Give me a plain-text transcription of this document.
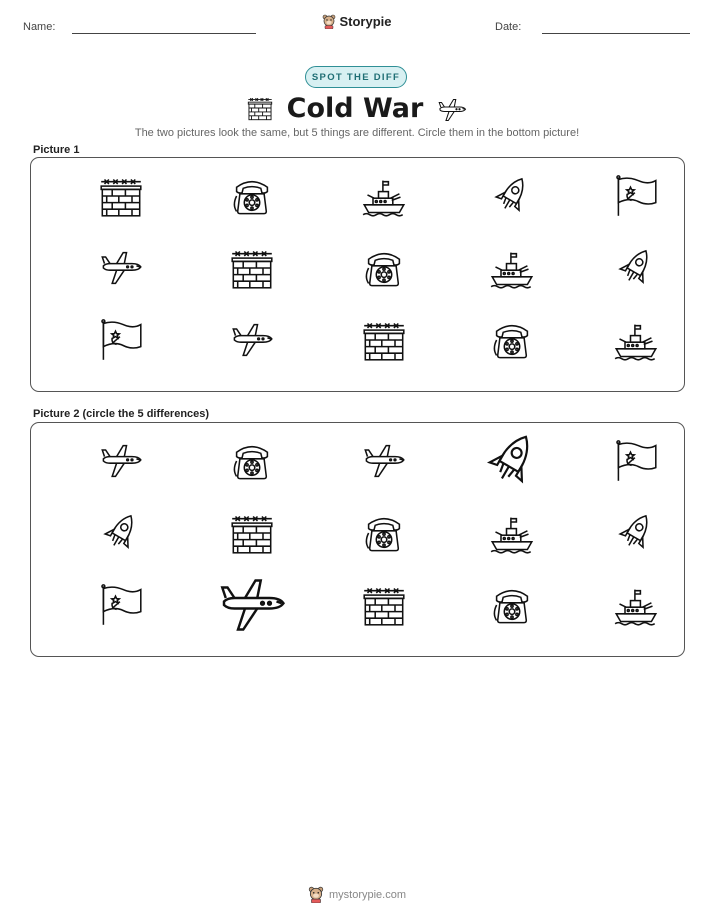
Name:	Storypie	Date:
SPOT THE DIFF
Cold War
The two pictures look the same, but 5 things are different. Circle them in the bottom picture!
Picture 1
Picture 2 (circle the 5 differences)
mystorypie.com
